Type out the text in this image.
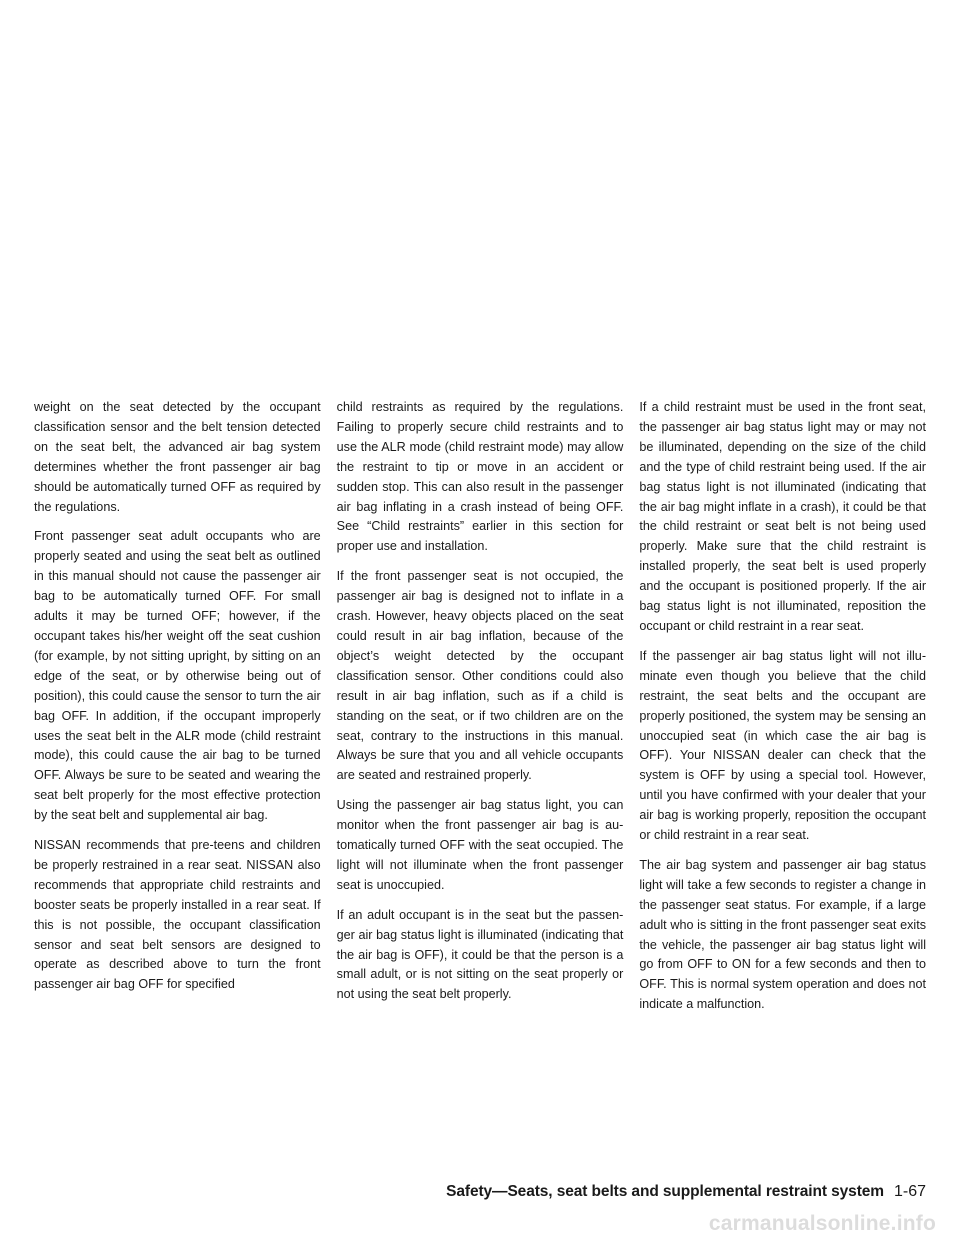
weight on the seat detected by the occupant classification sensor and the belt tension detected on the seat belt, the advanced air bag system determines whether the front passenger air bag should be automatically turned OFF as required by the regulations.

Front passenger seat adult occupants who are properly seated and using the seat belt as outlined in this manual should not cause the passenger air bag to be automatically turned OFF. For small adults it may be turned OFF; however, if the occupant takes his/her weight off the seat cushion (for example, by not sitting upright, by sitting on an edge of the seat, or by otherwise being out of position), this could cause the sensor to turn the air bag OFF. In addition, if the occupant improperly uses the seat belt in the ALR mode (child restraint mode), this could cause the air bag to be turned OFF. Always be sure to be seated and wearing the seat belt properly for the most effective protection by the seat belt and supplemental air bag.

NISSAN recommends that pre-teens and children be properly restrained in a rear seat. NISSAN also recommends that appropriate child restraints and booster seats be properly installed in a rear seat. If this is not possible, the occupant classification sensor and seat belt sensors are designed to operate as described above to turn the front passenger air bag OFF for specified

child restraints as required by the regulations. Failing to properly secure child restraints and to use the ALR mode (child restraint mode) may allow the restraint to tip or move in an accident or sudden stop. This can also result in the passenger air bag inflating in a crash instead of being OFF. See “Child restraints” earlier in this section for proper use and installation.

If the front passenger seat is not occupied, the passenger air bag is designed not to inflate in a crash. However, heavy objects placed on the seat could result in air bag inflation, because of the object’s weight detected by the occupant classification sensor. Other conditions could also result in air bag inflation, such as if a child is standing on the seat, or if two children are on the seat, contrary to the instructions in this manual. Always be sure that you and all vehicle occupants are seated and restrained properly.

Using the passenger air bag status light, you can monitor when the front passenger air bag is automatically turned OFF with the seat occupied. The light will not illuminate when the front passenger seat is unoccupied.

If an adult occupant is in the seat but the passenger air bag status light is illuminated (indicating that the air bag is OFF), it could be that the person is a small adult, or is not sitting on the seat properly or not using the seat belt properly.

If a child restraint must be used in the front seat, the passenger air bag status light may or may not be illuminated, depending on the size of the child and the type of child restraint being used. If the air bag status light is not illuminated (indicating that the air bag might inflate in a crash), it could be that the child restraint or seat belt is not being used properly. Make sure that the child restraint is installed properly, the seat belt is used properly and the occupant is positioned properly. If the air bag status light is not illuminated, reposition the occupant or child restraint in a rear seat.

If the passenger air bag status light will not illuminate even though you believe that the child restraint, the seat belts and the occupant are properly positioned, the system may be sensing an unoccupied seat (in which case the air bag is OFF). Your NISSAN dealer can check that the system is OFF by using a special tool. However, until you have confirmed with your dealer that your air bag is working properly, reposition the occupant or child restraint in a rear seat.

The air bag system and passenger air bag status light will take a few seconds to register a change in the passenger seat status. For example, if a large adult who is sitting in the front passenger seat exits the vehicle, the passenger air bag status light will go from OFF to ON for a few seconds and then to OFF. This is normal system operation and does not indicate a malfunction.

Safety—Seats, seat belts and supplemental restraint system 1-67
carmanualsonline.info
